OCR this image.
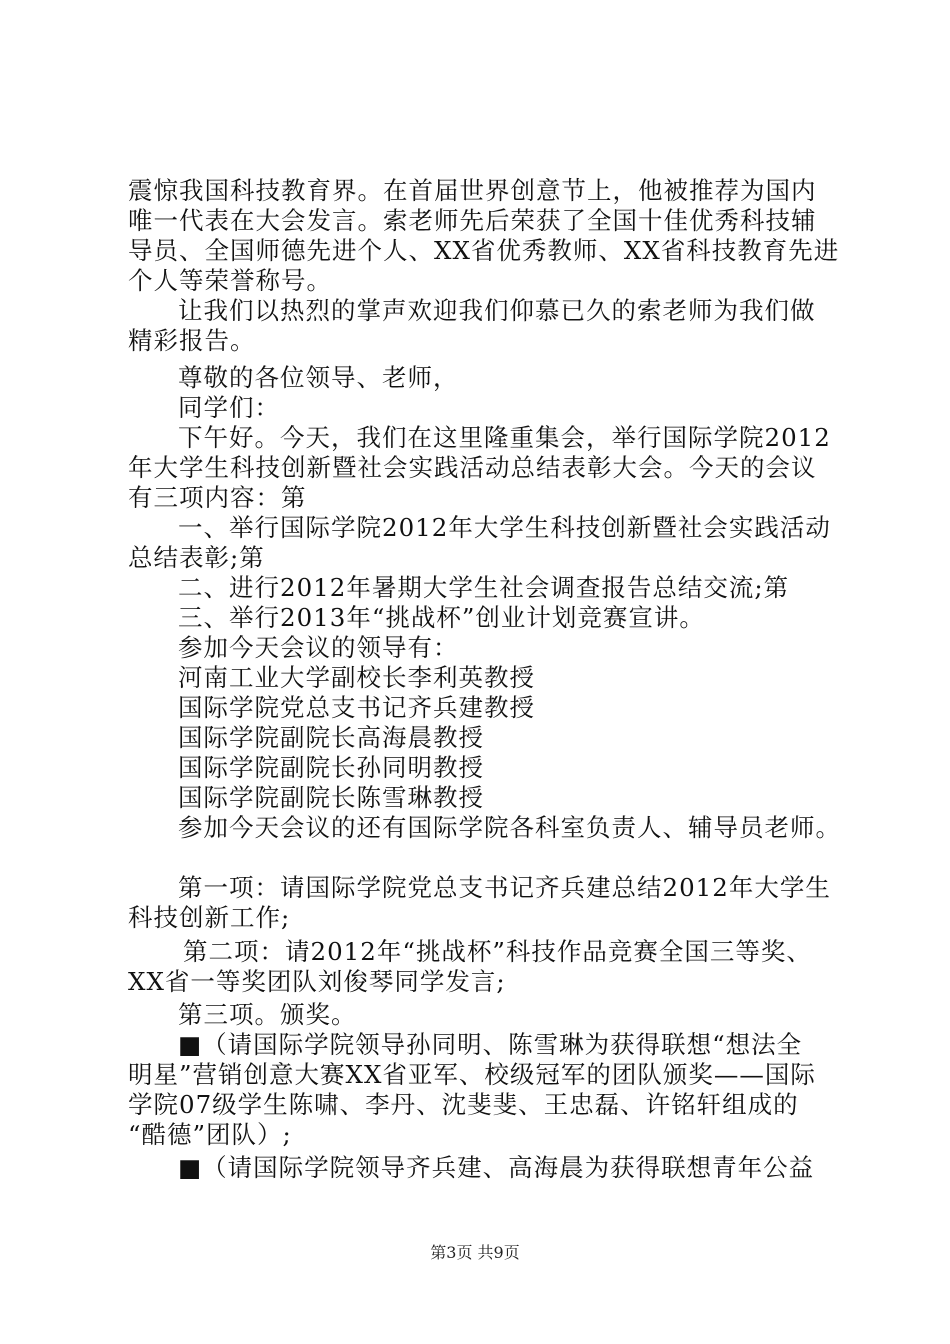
震惊我国科技教育界。在首届世界创意节上，他被推荐为国内
唯一代表在大会发言。索老师先后荣获了全国十佳优秀科技辅
导员、全国师德先进个人、XX省优秀教师、XX省科技教育先进
个人等荣誉称号。
让我们以热烈的掌声欢迎我们仰慕已久的索老师为我们做
精彩报告。
尊敬的各位领导、老师，
同学们：
下午好。今天，我们在这里隆重集会，举行国际学院2012
年大学生科技创新暨社会实践活动总结表彰大会。今天的会议
有三项内容：第
一、举行国际学院2012年大学生科技创新暨社会实践活动
总结表彰;第
二、进行2012年暑期大学生社会调查报告总结交流;第
三、举行2013年“挑战杯”创业计划竞赛宣讲。
参加今天会议的领导有：
河南工业大学副校长李利英教授
国际学院党总支书记齐兵建教授
国际学院副院长高海晨教授
国际学院副院长孙同明教授
国际学院副院长陈雪琳教授
参加今天会议的还有国际学院各科室负责人、辅导员老师。
第一项：请国际学院党总支书记齐兵建总结2012年大学生
科技创新工作;
第二项：请2012年“挑战杯”科技作品竞赛全国三等奖、
XX省一等奖团队刘俊琴同学发言;
第三项。颁奖。
■（请国际学院领导孙同明、陈雪琳为获得联想“想法全
明星”营销创意大赛XX省亚军、校级冠军的团队颁奖——国际
学院07级学生陈啸、李丹、沈斐斐、王忠磊、许铭轩组成的
“酷德”团队）;
■（请国际学院领导齐兵建、高海晨为获得联想青年公益
第3页 共9页
